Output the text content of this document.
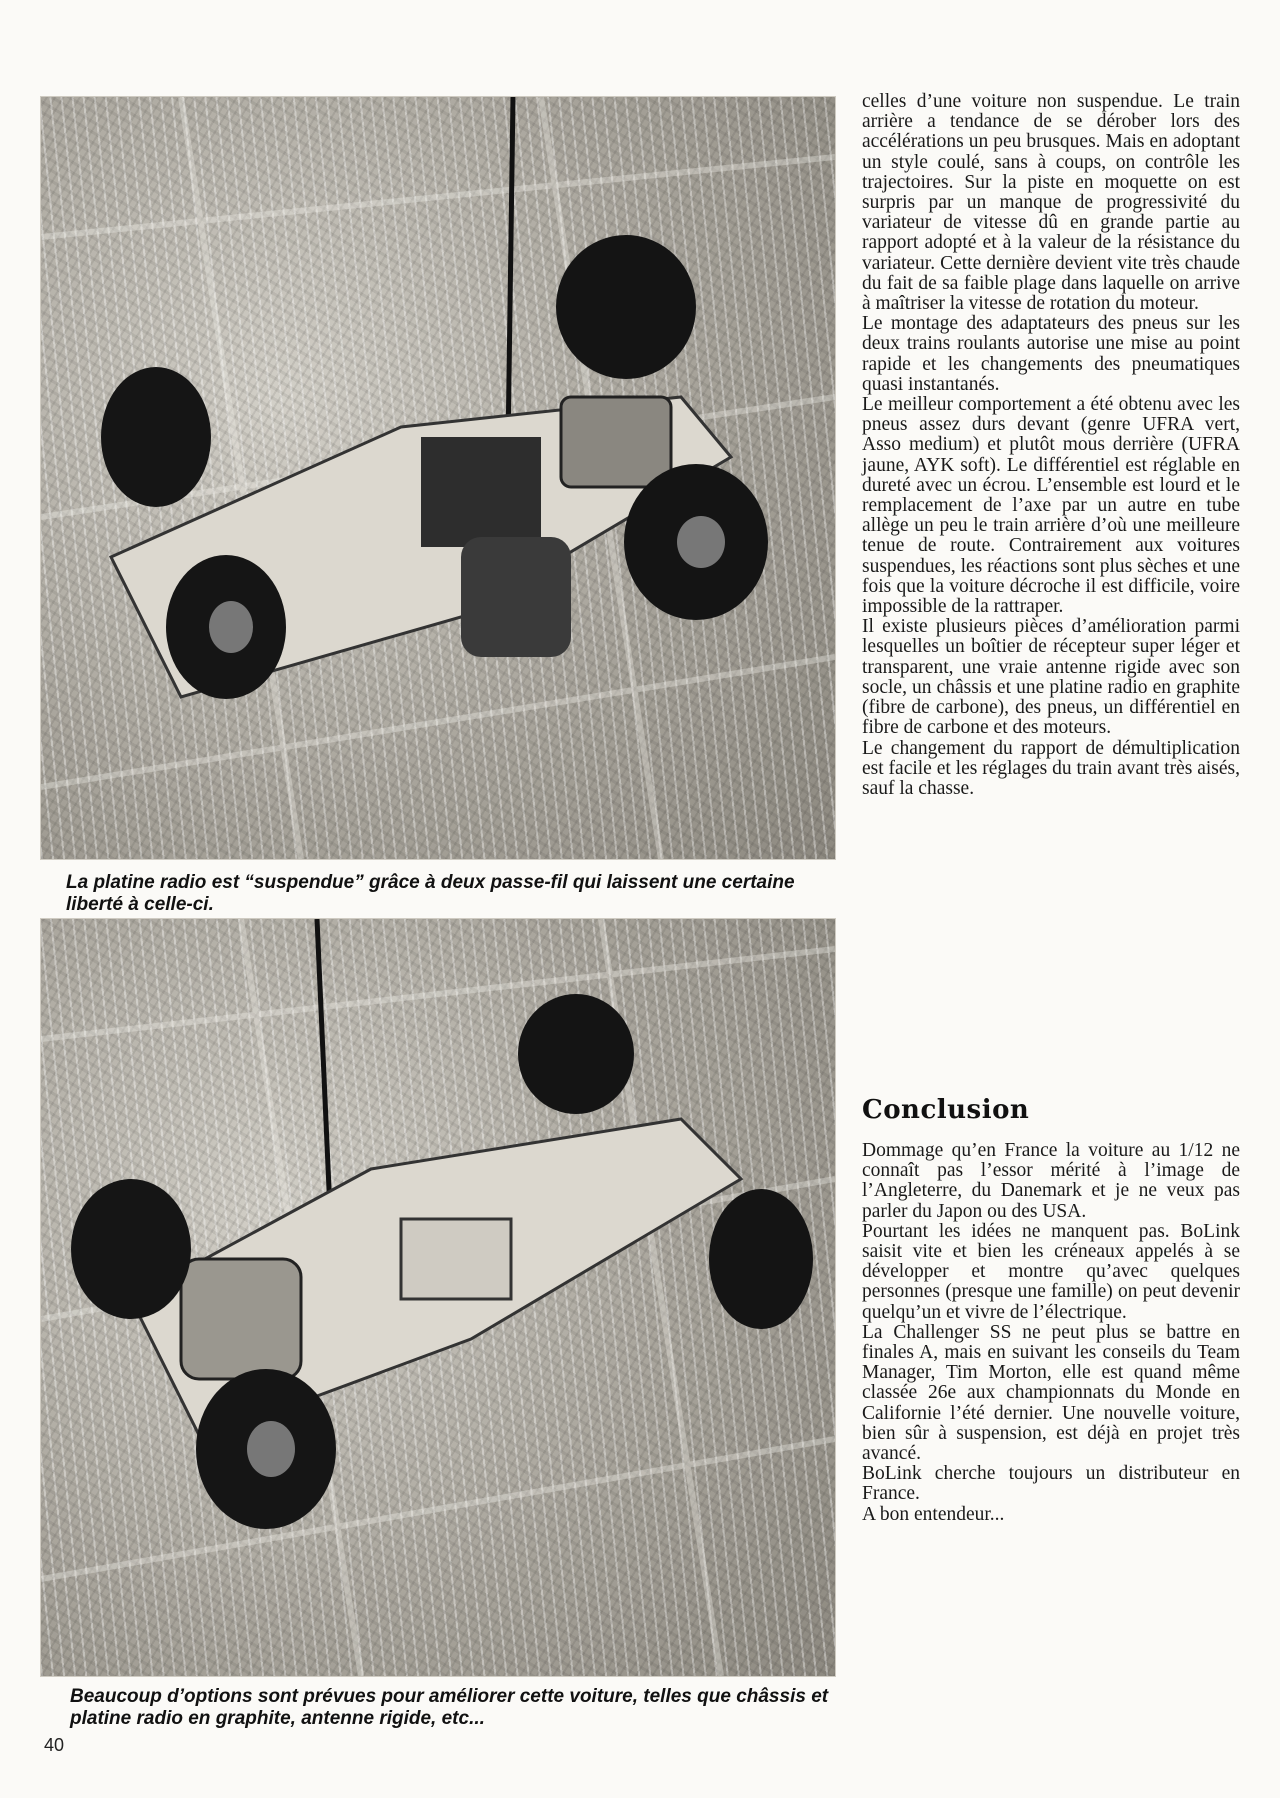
La platine radio est “suspendue” grâce à deux passe-fil qui laissent une certaine liberté à celle-ci.

Beaucoup d’options sont prévues pour améliorer cette voiture, telles que châssis et platine radio en graphite, antenne rigide, etc...

celles d’une voiture non suspendue. Le train arrière a tendance de se dérober lors des accélérations un peu brusques. Mais en adoptant un style coulé, sans à coups, on contrôle les trajectoires. Sur la piste en moquette on est surpris par un manque de progressivité du variateur de vitesse dû en grande partie au rapport adopté et à la valeur de la résistance du variateur. Cette dernière devient vite très chaude du fait de sa faible plage dans laquelle on arrive à maîtriser la vitesse de rotation du moteur.

Le montage des adaptateurs des pneus sur les deux trains roulants autorise une mise au point rapide et les changements des pneumatiques quasi instantanés.

Le meilleur comportement a été obtenu avec les pneus assez durs devant (genre UFRA vert, Asso medium) et plutôt mous derrière (UFRA jaune, AYK soft). Le différentiel est réglable en dureté avec un écrou. L’ensemble est lourd et le remplacement de l’axe par un autre en tube allège un peu le train arrière d’où une meilleure tenue de route. Contrairement aux voitures suspendues, les réactions sont plus sèches et une fois que la voiture décroche il est difficile, voire impossible de la rattraper.

Il existe plusieurs pièces d’amélioration parmi lesquelles un boîtier de récepteur super léger et transparent, une vraie antenne rigide avec son socle, un châssis et une platine radio en graphite (fibre de carbone), des pneus, un différentiel en fibre de carbone et des moteurs.

Le changement du rapport de démultiplication est facile et les réglages du train avant très aisés, sauf la chasse.

Conclusion

Dommage qu’en France la voiture au 1/12 ne connaît pas l’essor mérité à l’image de l’Angleterre, du Danemark et je ne veux pas parler du Japon ou des USA.

Pourtant les idées ne manquent pas. BoLink saisit vite et bien les créneaux appelés à se développer et montre qu’avec quelques personnes (presque une famille) on peut devenir quelqu’un et vivre de l’électrique.

La Challenger SS ne peut plus se battre en finales A, mais en suivant les conseils du Team Manager, Tim Morton, elle est quand même classée 26e aux championnats du Monde en Californie l’été dernier. Une nouvelle voiture, bien sûr à suspension, est déjà en projet très avancé.

BoLink cherche toujours un distributeur en France.

A bon entendeur...

40
